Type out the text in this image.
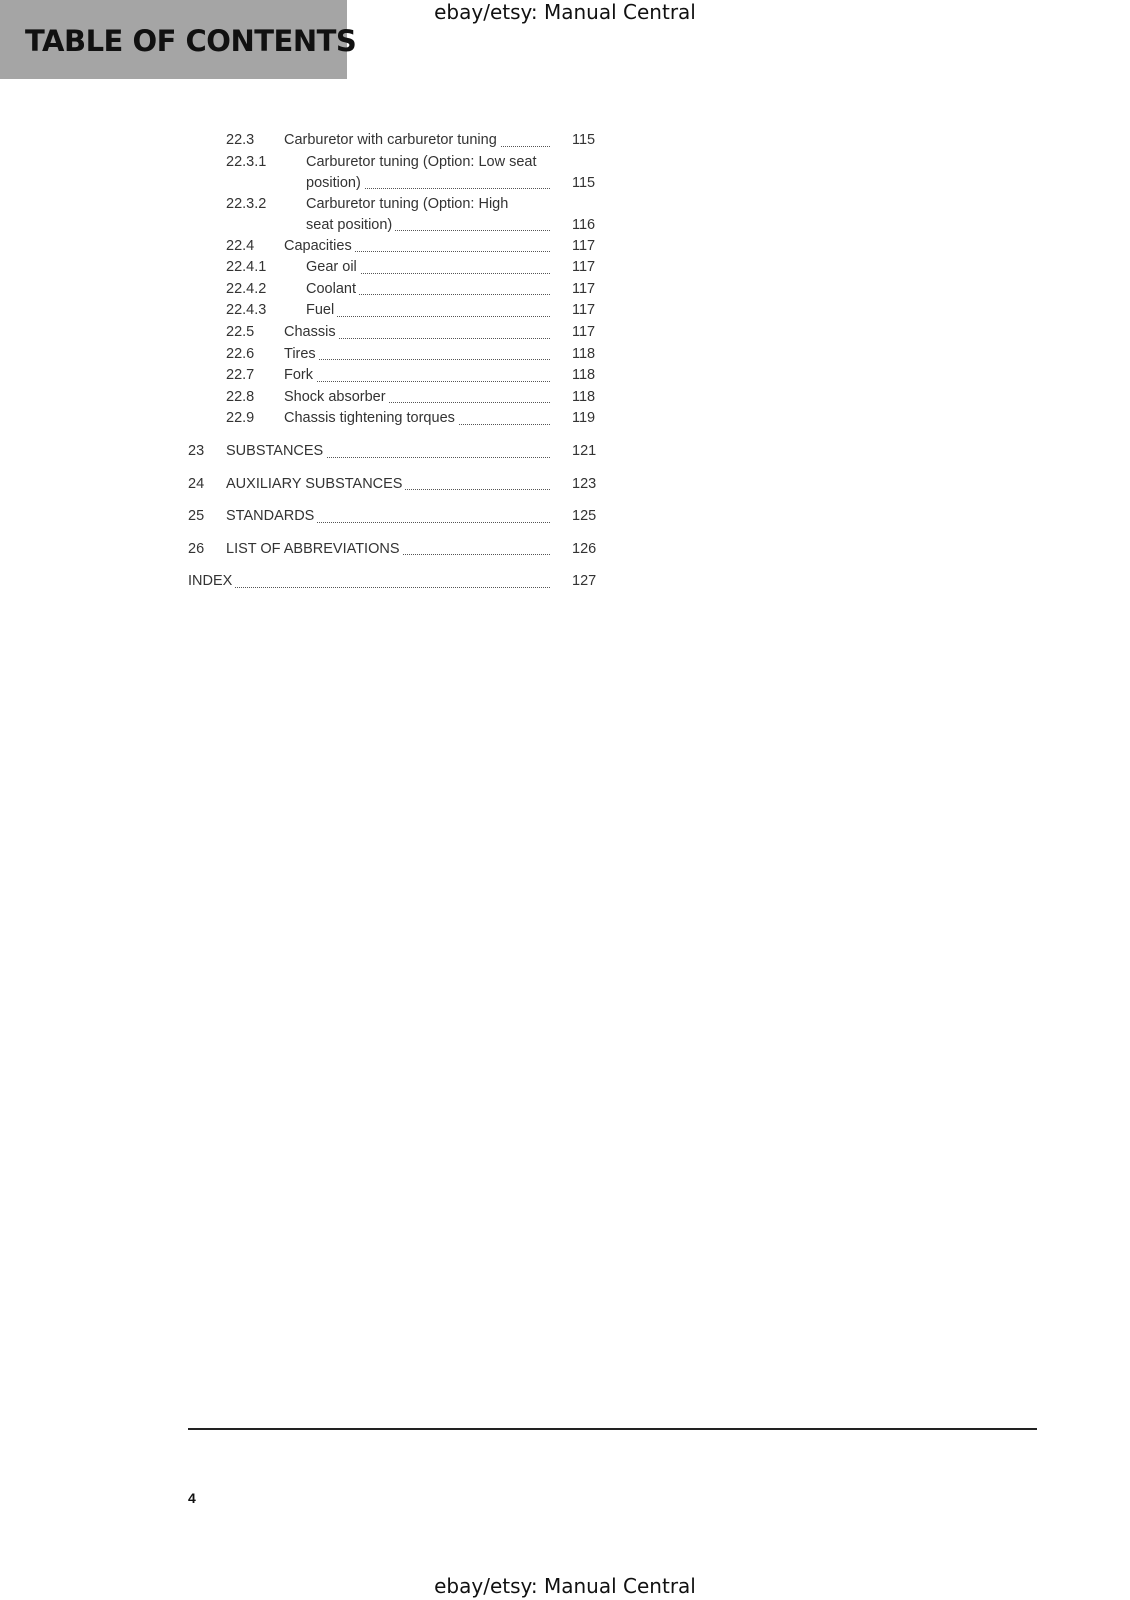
ebay/etsy: Manual Central
TABLE OF CONTENTS
22.3 Carburetor with carburetor tuning	115
22.3.1	Carburetor tuning (Option: Low seat
position)	115
22.3.2	Carburetor tuning (Option: High
seat position)	116
22.4 Capacities	117
22.4.1	Gear oil	117
22.4.2	Coolant	117
22.4.3	Fuel	117
22.5 Chassis	117
22.6 Tires	118
22.7 Fork	118
22.8 Shock absorber	118
22.9 Chassis tightening torques	119
23 SUBSTANCES	121
24 AUXILIARY SUBSTANCES	123
25 STANDARDS	125
26 LIST OF ABBREVIATIONS	126
INDEX	127
4
ebay/etsy: Manual Central
